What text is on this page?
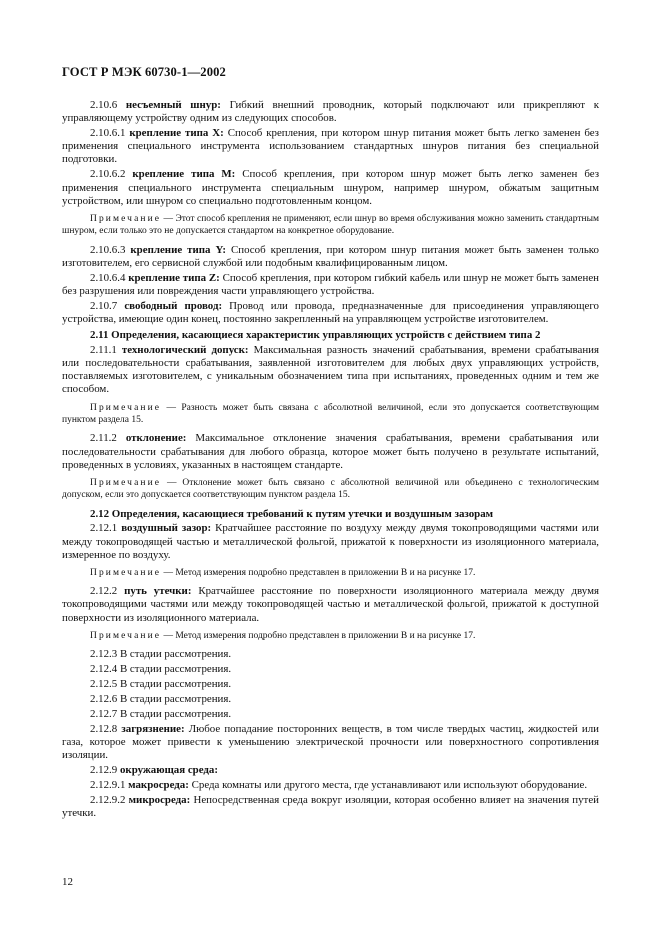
ГОСТ Р МЭК 60730-1—2002

2.10.6 несъемный шнур: Гибкий внешний проводник, который подключают или прикрепляют к управляющему устройству одним из следующих способов.

2.10.6.1 крепление типа X: Способ крепления, при котором шнур питания может быть легко заменен без применения специального инструмента использованием стандартных шнуров питания без специальной подготовки.

2.10.6.2 крепление типа M: Способ крепления, при котором шнур может быть легко заменен без применения специального инструмента специальным шнуром, например шнуром, обжатым защитным устройством, или шнуром со специально подготовленным концом.

Примечание — Этот способ крепления не применяют, если шнур во время обслуживания можно заменить стандартным шнуром, если только это не допускается стандартом на конкретное оборудование.

2.10.6.3 крепление типа Y: Способ крепления, при котором шнур питания может быть заменен только изготовителем, его сервисной службой или подобным квалифицированным лицом.

2.10.6.4 крепление типа Z: Способ крепления, при котором гибкий кабель или шнур не может быть заменен без разрушения или повреждения части управляющего устройства.

2.10.7 свободный провод: Провод или провода, предназначенные для присоединения управляющего устройства, имеющие один конец, постоянно закрепленный на управляющем устройстве изготовителем.

2.11 Определения, касающиеся характеристик управляющих устройств с действием типа 2

2.11.1 технологический допуск: Максимальная разность значений срабатывания, времени срабатывания или последовательности срабатывания, заявленной изготовителем для любых двух управляющих устройств, поставляемых изготовителем, с уникальным обозначением типа при испытаниях, проведенных одним и тем же способом.

Примечание — Разность может быть связана с абсолютной величиной, если это допускается соответствующим пунктом раздела 15.

2.11.2 отклонение: Максимальное отклонение значения срабатывания, времени срабатывания или последовательности срабатывания для любого образца, которое может быть получено в результате испытаний, проведенных в условиях, указанных в настоящем стандарте.

Примечание — Отклонение может быть связано с абсолютной величиной или объединено с технологическим допуском, если это допускается соответствующим пунктом раздела 15.

2.12 Определения, касающиеся требований к путям утечки и воздушным зазорам

2.12.1 воздушный зазор: Кратчайшее расстояние по воздуху между двумя токопроводящими частями или между токопроводящей частью и металлической фольгой, прижатой к поверхности из изоляционного материала, измеренное по воздуху.

Примечание — Метод измерения подробно представлен в приложении В и на рисунке 17.

2.12.2 путь утечки: Кратчайшее расстояние по поверхности изоляционного материала между двумя токопроводящими частями или между токопроводящей частью и металлической фольгой, прижатой к доступной поверхности из изоляционного материала.

Примечание — Метод измерения подробно представлен в приложении В и на рисунке 17.

2.12.3 В стадии рассмотрения.

2.12.4 В стадии рассмотрения.

2.12.5 В стадии рассмотрения.

2.12.6 В стадии рассмотрения.

2.12.7 В стадии рассмотрения.

2.12.8 загрязнение: Любое попадание посторонних веществ, в том числе твердых частиц, жидкостей или газа, которое может привести к уменьшению электрической прочности или поверхностного сопротивления изоляции.

2.12.9 окружающая среда:

2.12.9.1 макросреда: Среда комнаты или другого места, где устанавливают или используют оборудование.

2.12.9.2 микросреда: Непосредственная среда вокруг изоляции, которая особенно влияет на значения путей утечки.

12
